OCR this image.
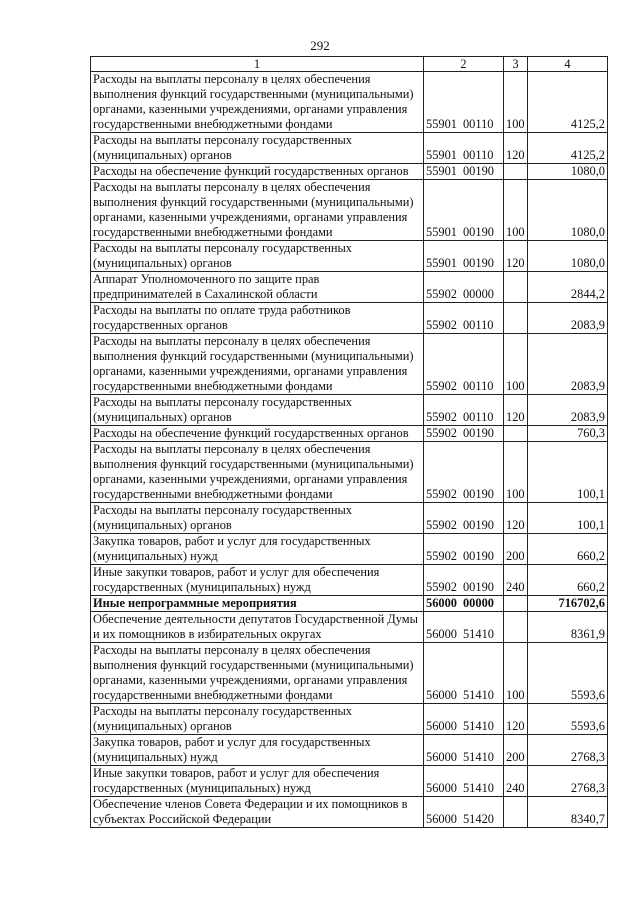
292
1	2	3	4
Расходы на выплаты персоналу в целях обеспечения выполнения функций государственными (муниципальными) органами, казенными учреждениями, органами управления государственными внебюджетными фондами	55901 00110	100	4125,2
Расходы на выплаты персоналу государственных (муниципальных) органов	55901 00110	120	4125,2
Расходы на обеспечение функций государственных органов	55901 00190		1080,0
Расходы на выплаты персоналу в целях обеспечения выполнения функций государственными (муниципальными) органами, казенными учреждениями, органами управления государственными внебюджетными фондами	55901 00190	100	1080,0
Расходы на выплаты персоналу государственных (муниципальных) органов	55901 00190	120	1080,0
Аппарат Уполномоченного по защите прав предпринимателей в Сахалинской области	55902 00000		2844,2
Расходы на выплаты по оплате труда работников государственных органов	55902 00110		2083,9
Расходы на выплаты персоналу в целях обеспечения выполнения функций государственными (муниципальными) органами, казенными учреждениями, органами управления государственными внебюджетными фондами	55902 00110	100	2083,9
Расходы на выплаты персоналу государственных (муниципальных) органов	55902 00110	120	2083,9
Расходы на обеспечение функций государственных органов	55902 00190		760,3
Расходы на выплаты персоналу в целях обеспечения выполнения функций государственными (муниципальными) органами, казенными учреждениями, органами управления государственными внебюджетными фондами	55902 00190	100	100,1
Расходы на выплаты персоналу государственных (муниципальных) органов	55902 00190	120	100,1
Закупка товаров, работ и услуг для государственных (муниципальных) нужд	55902 00190	200	660,2
Иные закупки товаров, работ и услуг для обеспечения государственных (муниципальных) нужд	55902 00190	240	660,2
Иные непрограммные мероприятия	56000 00000		716702,6
Обеспечение деятельности депутатов Государственной Думы и их помощников в избирательных округах	56000 51410		8361,9
Расходы на выплаты персоналу в целях обеспечения выполнения функций государственными (муниципальными) органами, казенными учреждениями, органами управления государственными внебюджетными фондами	56000 51410	100	5593,6
Расходы на выплаты персоналу государственных (муниципальных) органов	56000 51410	120	5593,6
Закупка товаров, работ и услуг для государственных (муниципальных) нужд	56000 51410	200	2768,3
Иные закупки товаров, работ и услуг для обеспечения государственных (муниципальных) нужд	56000 51410	240	2768,3
Обеспечение членов Совета Федерации и их помощников в субъектах Российской Федерации	56000 51420		8340,7
